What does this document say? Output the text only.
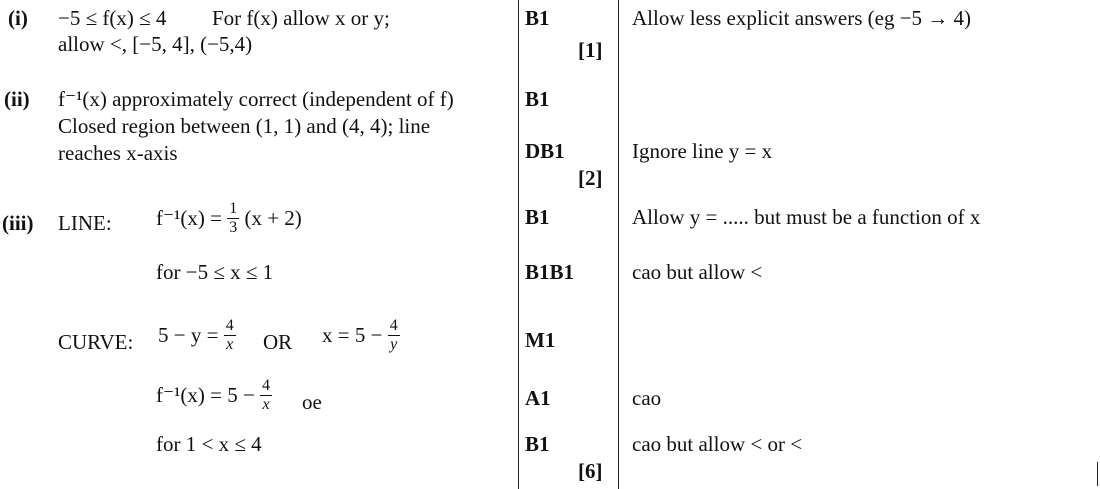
(i) −5 ≤ f(x) ≤ 4 For f(x) allow x or y;
allow <, [−5, 4], (−5,4)
B1
[1]
Allow less explicit answers (eg −5 → 4)
(ii) f⁻¹(x) approximately correct (independent of f)
Closed region between (1, 1) and (4, 4); line
reaches x-axis
B1
DB1
[2]
Ignore line y = x
(iii) LINE: $f^{-1}(x) = \frac{1}{3} (x + 2)$
for −5 ≤ x ≤ 1
CURVE: $5 - y = \frac{4}{x}$ OR $x = 5 - \frac{4}{y}$
$f^{-1}(x) = 5 - \frac{4}{x}$ oe
for 1 < x ≤ 4
B1
B1B1
M1
A1
B1
[6]
Allow y = ..... but must be a function of x
cao but allow <
cao
cao but allow < or <
